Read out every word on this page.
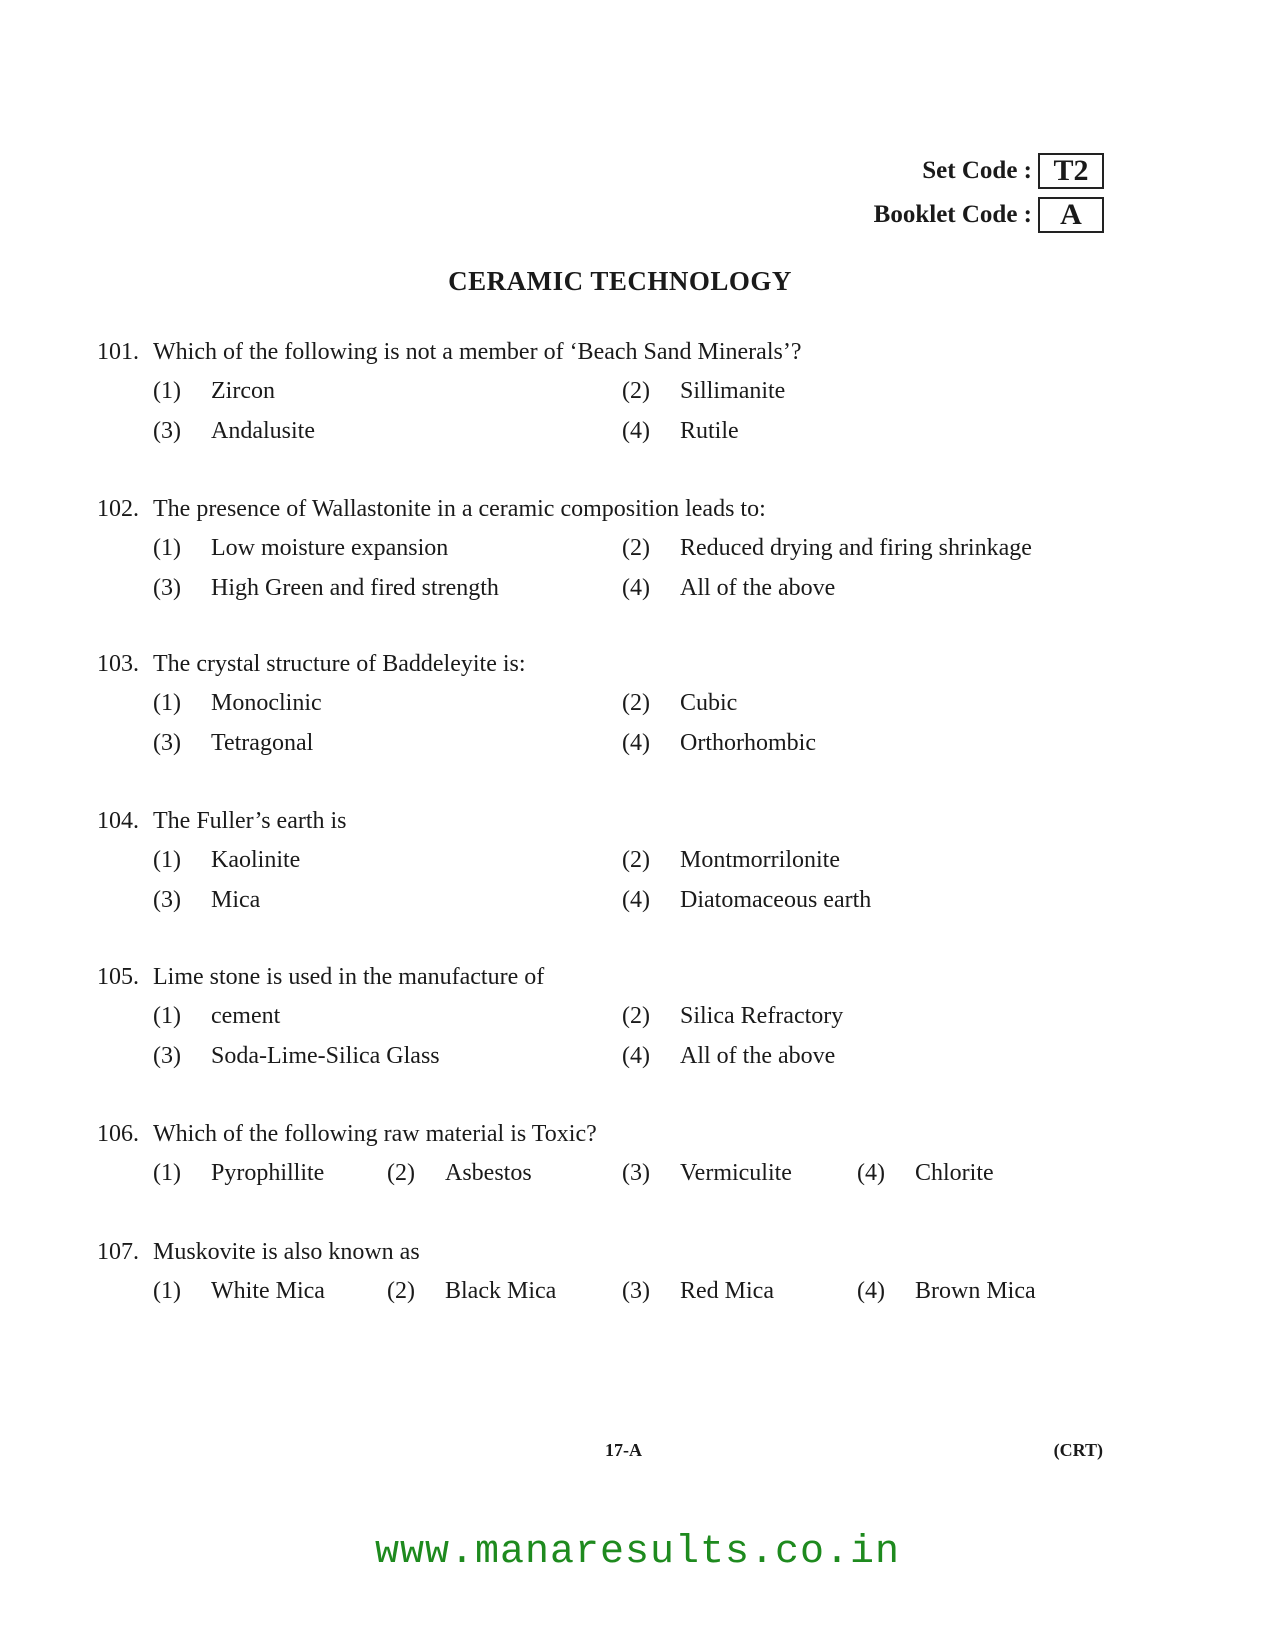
Set Code : T2
Booklet Code : A
CERAMIC TECHNOLOGY
101. Which of the following is not a member of ‘Beach Sand Minerals’?
(1)	Zircon	(2)	Sillimanite
(3)	Andalusite	(4)	Rutile
102. The presence of Wallastonite in a ceramic composition leads to:
(1)	Low moisture expansion	(2)	Reduced drying and firing shrinkage
(3)	High Green and fired strength	(4)	All of the above
103. The crystal structure of Baddeleyite is:
(1)	Monoclinic	(2)	Cubic
(3)	Tetragonal	(4)	Orthorhombic
104. The Fuller’s earth is
(1)	Kaolinite	(2)	Montmorrilonite
(3)	Mica	(4)	Diatomaceous earth
105. Lime stone is used in the manufacture of
(1)	cement	(2)	Silica Refractory
(3)	Soda-Lime-Silica Glass	(4)	All of the above
106. Which of the following raw material is Toxic?
(1)	Pyrophillite	(2)	Asbestos	(3)	Vermiculite	(4)	Chlorite
107. Muskovite is also known as
(1)	White Mica	(2)	Black Mica	(3)	Red Mica	(4)	Brown Mica
17-A	(CRT)
www.manaresults.co.in
